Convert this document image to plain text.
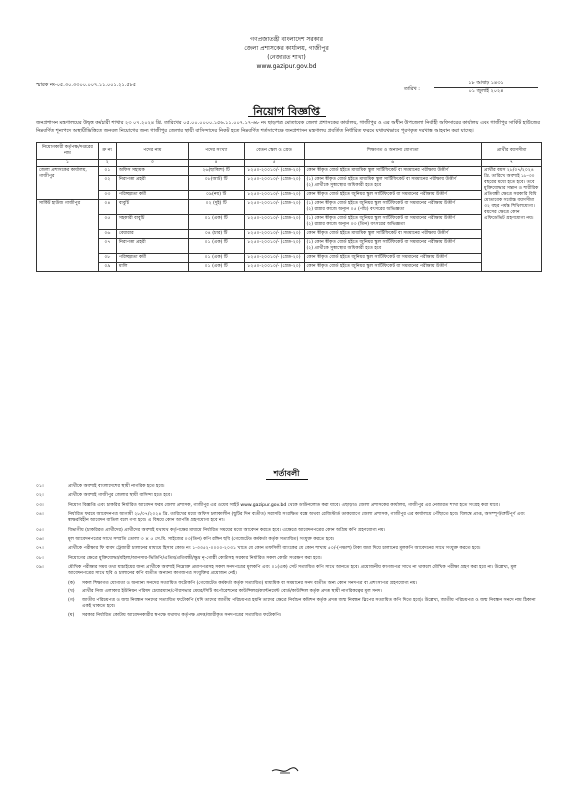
গণপ্রজাতন্ত্রী বাংলাদেশ সরকার
জেলা প্রশাসকের কার্যালয়, গাজীপুর
(নেজারত শাখা)
www.gazipur.gov.bd
স্মারক নং-০৫.৩০.৩৩০০.০০৭.১১.০০১.২১.৫৮৫
তারিখ :
১৮ আষাঢ় ১৪৩১
০১ জুলাই ২০২৪
নিয়োগ বিজ্ঞপ্তি
জনপ্রশাসন মন্ত্রণালয়ের উদ্বৃত্ত কর্মচারী শাখার ২৩ ০৭.২০২৪ খ্রি. তারিখের ০৫.০০.০০০০.১৫৬.১১.০০৭.১৭-৬৮ নং ছাড়পত্র মোতাবেক জেলা প্রশাসকের কার্যালয়, গাজীপুর ও এর অধীন উপজেলা নির্বাহী অফিসারের কার্যালয় এবং গাজীপুর সার্কিট হাউজের নিম্নবর্ণিত শূন্যপদে অস্থায়ীভিত্তিতে জনবল নিয়োগের জন্য গাজীপুর জেলার স্থায়ী বাসিন্দাদের নিকট হতে নিম্নবর্ণিত শর্তসাপেক্ষে জনপ্রশাসন মন্ত্রণালয় প্রবর্তিত নির্ধারিত ফরমে যথাযথভাবে পূরণকৃত দরখাস্ত আহবান করা যাচ্ছে।
নিয়োগকারী কর্তৃপক্ষ/দপ্তরের নাম	ক্র নং	পদের নাম	পদের সংখ্যা	বেতন স্কেল ও গ্রেড	শিক্ষাগত ও অন্যান্য যোগ্যতা	প্রার্থীর বয়সসীমা
১	২	৩	৪	৫	৬	৭
জেলা প্রশাসকের কার্যালয়, গাজীপুর	০১	অফিস সহায়ক	২৬(ছাব্বিশ) টি	৮২৫০-২০০১০/- (গ্রেড-২০)	কোন স্বীকৃত বোর্ড হইতে মাধ্যমিক স্কুল সার্টিফিকেট বা সমমানের পরীক্ষায় উত্তীর্ণ	প্রার্থীর বয়স ২৮/০৭/২০২৪ খ্রি. তারিখে অবশ্যই ১৮-৩০ বছরের মধ্যে হতে হবে। তবে মুক্তিযোদ্ধার সন্তান ও শারীরিক প্রতিবন্ধী ক্ষেত্রে সরকারি বিধি মোতাবেক সর্বোচ্চ বয়সসীমা ৩২ বছর পর্যন্ত শিথিলযোগ্য। বয়সের ক্ষেত্রে কোন এফিডেভিট গ্রহণযোগ্য নয়।
	০২	নিরাপত্তা প্রহরী	০৮(আট) টি	৮২৫০-২০০১০/- (গ্রেড-২০)	(১) কোন স্বীকৃত বোর্ড হইতে মাধ্যমিক স্কুল সার্টিফিকেট বা সমমানের পরীক্ষায় উত্তীর্ণ
(২) প্রার্থীকে সুস্বাস্থ্যের অধিকারী হতে হবে	

	০৩	পরিচ্ছন্নতা কর্মী	০৯(নয়) টি	৮২৫০-২০০১০/- (গ্রেড-২০)	কোন স্বীকৃত বোর্ড হইতে জুনিয়র স্কুল সার্টিফিকেট বা সমমানের পরীক্ষায় উত্তীর্ণ	

সার্কিট হাউজ গাজীপুর	০৪	বাবুর্চি	০২ (দুই) টি	৮২৫০-২০০১০/- (গ্রেড-২০)	(১) কোন স্বীকৃত বোর্ড হইতে জুনিয়র স্কুল সার্টিফিকেট বা সমমানের পরীক্ষায় উত্তীর্ণ
(২) রান্নার কাজে অন্যূন ০৫ (পাঁচ) বৎসরের অভিজ্ঞতা	

	০৫	সহকারী বাবুর্চি	০১ (এক) টি	৮২৫০-২০০১০/- (গ্রেড-২০)	(১) কোন স্বীকৃত বোর্ড হইতে জুনিয়র স্কুল সার্টিফিকেট বা সমমানের পরীক্ষায় উত্তীর্ণ
(২) রান্নার কাজে অন্যূন ০৩ (তিন) বৎসরের অভিজ্ঞতা	

	০৬	বেয়ারার	০৪ (চার) টি	৮২৫০-২০০১০/- (গ্রেড-২০)	কোন স্বীকৃত বোর্ড হইতে মাধ্যমিক স্কুল সার্টিফিকেট বা সমমানের পরীক্ষায় উত্তীর্ণ	

	০৭	নিরাপত্তা প্রহরী	০১ (এক) টি	৮২৫০-২০০১০/- (গ্রেড-২০)	(১) কোন স্বীকৃত বোর্ড হইতে জুনিয়র স্কুল সার্টিফিকেট বা সমমানের পরীক্ষায় উত্তীর্ণ
(২) প্রার্থীকে সুস্বাস্থ্যের অধিকারী হতে হবে	

	০৮	পরিচ্ছন্নতা কর্মী	০১ (এক) টি	৮২৫০-২০০১০/- (গ্রেড-২০)	কোন স্বীকৃত বোর্ড হইতে জুনিয়র স্কুল সার্টিফিকেট বা সমমানের পরীক্ষায় উত্তীর্ণ	

	০৯	মালি	০১ (এক) টি	৮২৫০-২০০১০/- (গ্রেড-২০)	কোন স্বীকৃত বোর্ড হইতে জুনিয়র স্কুল সার্টিফিকেট বা সমমানের পরীক্ষায় উত্তীর্ণ	
শর্তাবলী
০১।	প্রার্থীকে অবশ্যই বাংলাদেশের স্থায়ী নাগরিক হতে হবে।
০২।	প্রার্থীকে অবশ্যই গাজীপুর জেলার স্থায়ী বাসিন্দা হতে হবে।
০৩।	নিয়োগ বিজ্ঞপ্তি এবং চাকরির নির্ধারিত আবেদন ফরম জেলা প্রশাসক, গাজীপুর এর ওয়েব সাইট www.gazipur.gov.bd থেকে ডাউনলোড করা যাবে। এছাড়াও জেলা প্রশাসকের কার্যালয়, গাজীপুর এর নেজারত শাখা হতে সংগ্রহ করা যাবে।
০৪।	নির্ধারিত ফরমে আবেদনপত্র আগামী ২৮/০৭/২০২৪ খ্রি. তারিখের মধ্যে অফিস চলাকালীন (ছুটির দিন ব্যতীত) সরাসরি সংরক্ষিত বক্সে অথবা রেজিস্টার্ড ডাকযোগে জেলা প্রশাসক, গাজীপুর এর কার্যালয়ে পৌঁছাতে হবে। বিলম্বে প্রাপ্ত, অসম্পূর্ণ/ত্রুটিপূর্ণ এবং স্বাক্ষরবিহীন আবেদন বাতিল বলে গণ্য হবে। এ বিষয়ে কোন আপত্তি গ্রহণযোগ্য হবে না।
০৫।	বিভাগীয় (চাকরিরত প্রার্থীদের) প্রার্থীদের অবশ্যই যথাযথ কর্তৃপক্ষের মাধ্যমে নির্ধারিত সময়ের মধ্যে আবেদন করতে হবে। এক্ষেত্রে আবেদনপত্রের কোন অগ্রিম কপি গ্রহণযোগ্য নয়।
০৬।	মূল আবেদনপত্রের সাথে সম্প্রতি তোলা ৩ × ৫ সে.মি. সাইজের ০৩(তিন) কপি রঙ্গিন ছবি (গেজেটেড কর্মকর্তা কর্তৃক সত্যায়িত) সংযুক্ত করতে হবে।
০৭।	প্রার্থীকে পরীক্ষার ফি বাবদ ট্রেজারী চালানের মাধ্যমে হিসাব কোড নং ১-৩৩৫২-০০০০-২০৩১ খাতে যে কোন তফসিলী ব্যাংকের যে কোন শাখায় ৫০/-(পঞ্চাশ) টাকা জমা দিয়ে চালানের মূলকপি আবেদনের সাথে সংযুক্ত করতে হবে।
০৮।	নিয়োগের ক্ষেত্রে মুক্তিযোদ্ধা/মহিলা/আনসার-ভিডিপি/এতিম/প্রতিবন্ধী/ক্ষুদ্র নৃ-গোষ্ঠী কোটাসহ সরকার নির্ধারিত সকল কোটা সংরক্ষণ করা হবে।
০৯।	মৌখিক পরীক্ষার সময় তথ্য যাচাইয়ের জন্য প্রার্থীকে অবশ্যই নিম্নোক্ত প্রমাণপত্রসহ সকল সনদপত্রের মূলকপি এবং ০১(এক) সেট সত্যায়িত কপি সাথে আনতে হবে। প্রয়োজনীয় কাগজপত্র সাথে না থাকলে মৌখিক পরীক্ষা গ্রহণ করা হবে না। উল্লেখ্য, মূল আবেদনপত্রের সাথে ছবি ও চালানের কপি ব্যতীত অন্যান্য কাগজপত্র সংযুক্তির প্রয়োজন নেই।
(ক)	সকল শিক্ষাগত যোগ্যতা ও অন্যান্য সনদের সত্যায়িত ফটোকপি (গেজেটেড কর্মকর্তা কর্তৃক সত্যায়িত) মাধ্যমিক বা সমমানের সনদ ব্যতীত অন্য কোন সনদপত্র বা প্রশংসাপত্র গ্রহণযোগ্য নয়।
(খ)	প্রার্থীর নিজ এলাকার ইউনিয়ন পরিষদ চেয়ারম্যান/পৌরসভার মেয়র/সিটি কর্পোরেশনের কাউন্সিলর/ক্যান্টনমেন্ট বোর্ড/কাউন্সিল কর্তৃক প্রদত্ত স্থায়ী নাগরিকত্বের মূল সনদ।
(গ)	জাতীয় পরিচয়পত্র ও জন্ম নিবন্ধন সনদের সত্যায়িত ফটোকপি (যদি তাদের জাতীয় পরিচয়পত্র হয়নি তাদের ক্ষেত্রে নির্বাচন কমিশন কর্তৃক প্রদত্ত জন্ম নিবন্ধন স্লিপের সত্যায়িত কপি দিতে হবে)। উল্লেখ্য, জাতীয় পরিচয়পত্র ও জন্ম নিবন্ধন সনদে নাম ঠিকানা একই থাকতে হবে।
(ঘ)	সরকার নির্ধারিত কোটায় আবেদনকারীর স্বপক্ষে যথাযথ কর্তৃপক্ষ প্রদত্ত/জারীকৃত সনদপত্রের সত্যায়িত ফটোকপি।
